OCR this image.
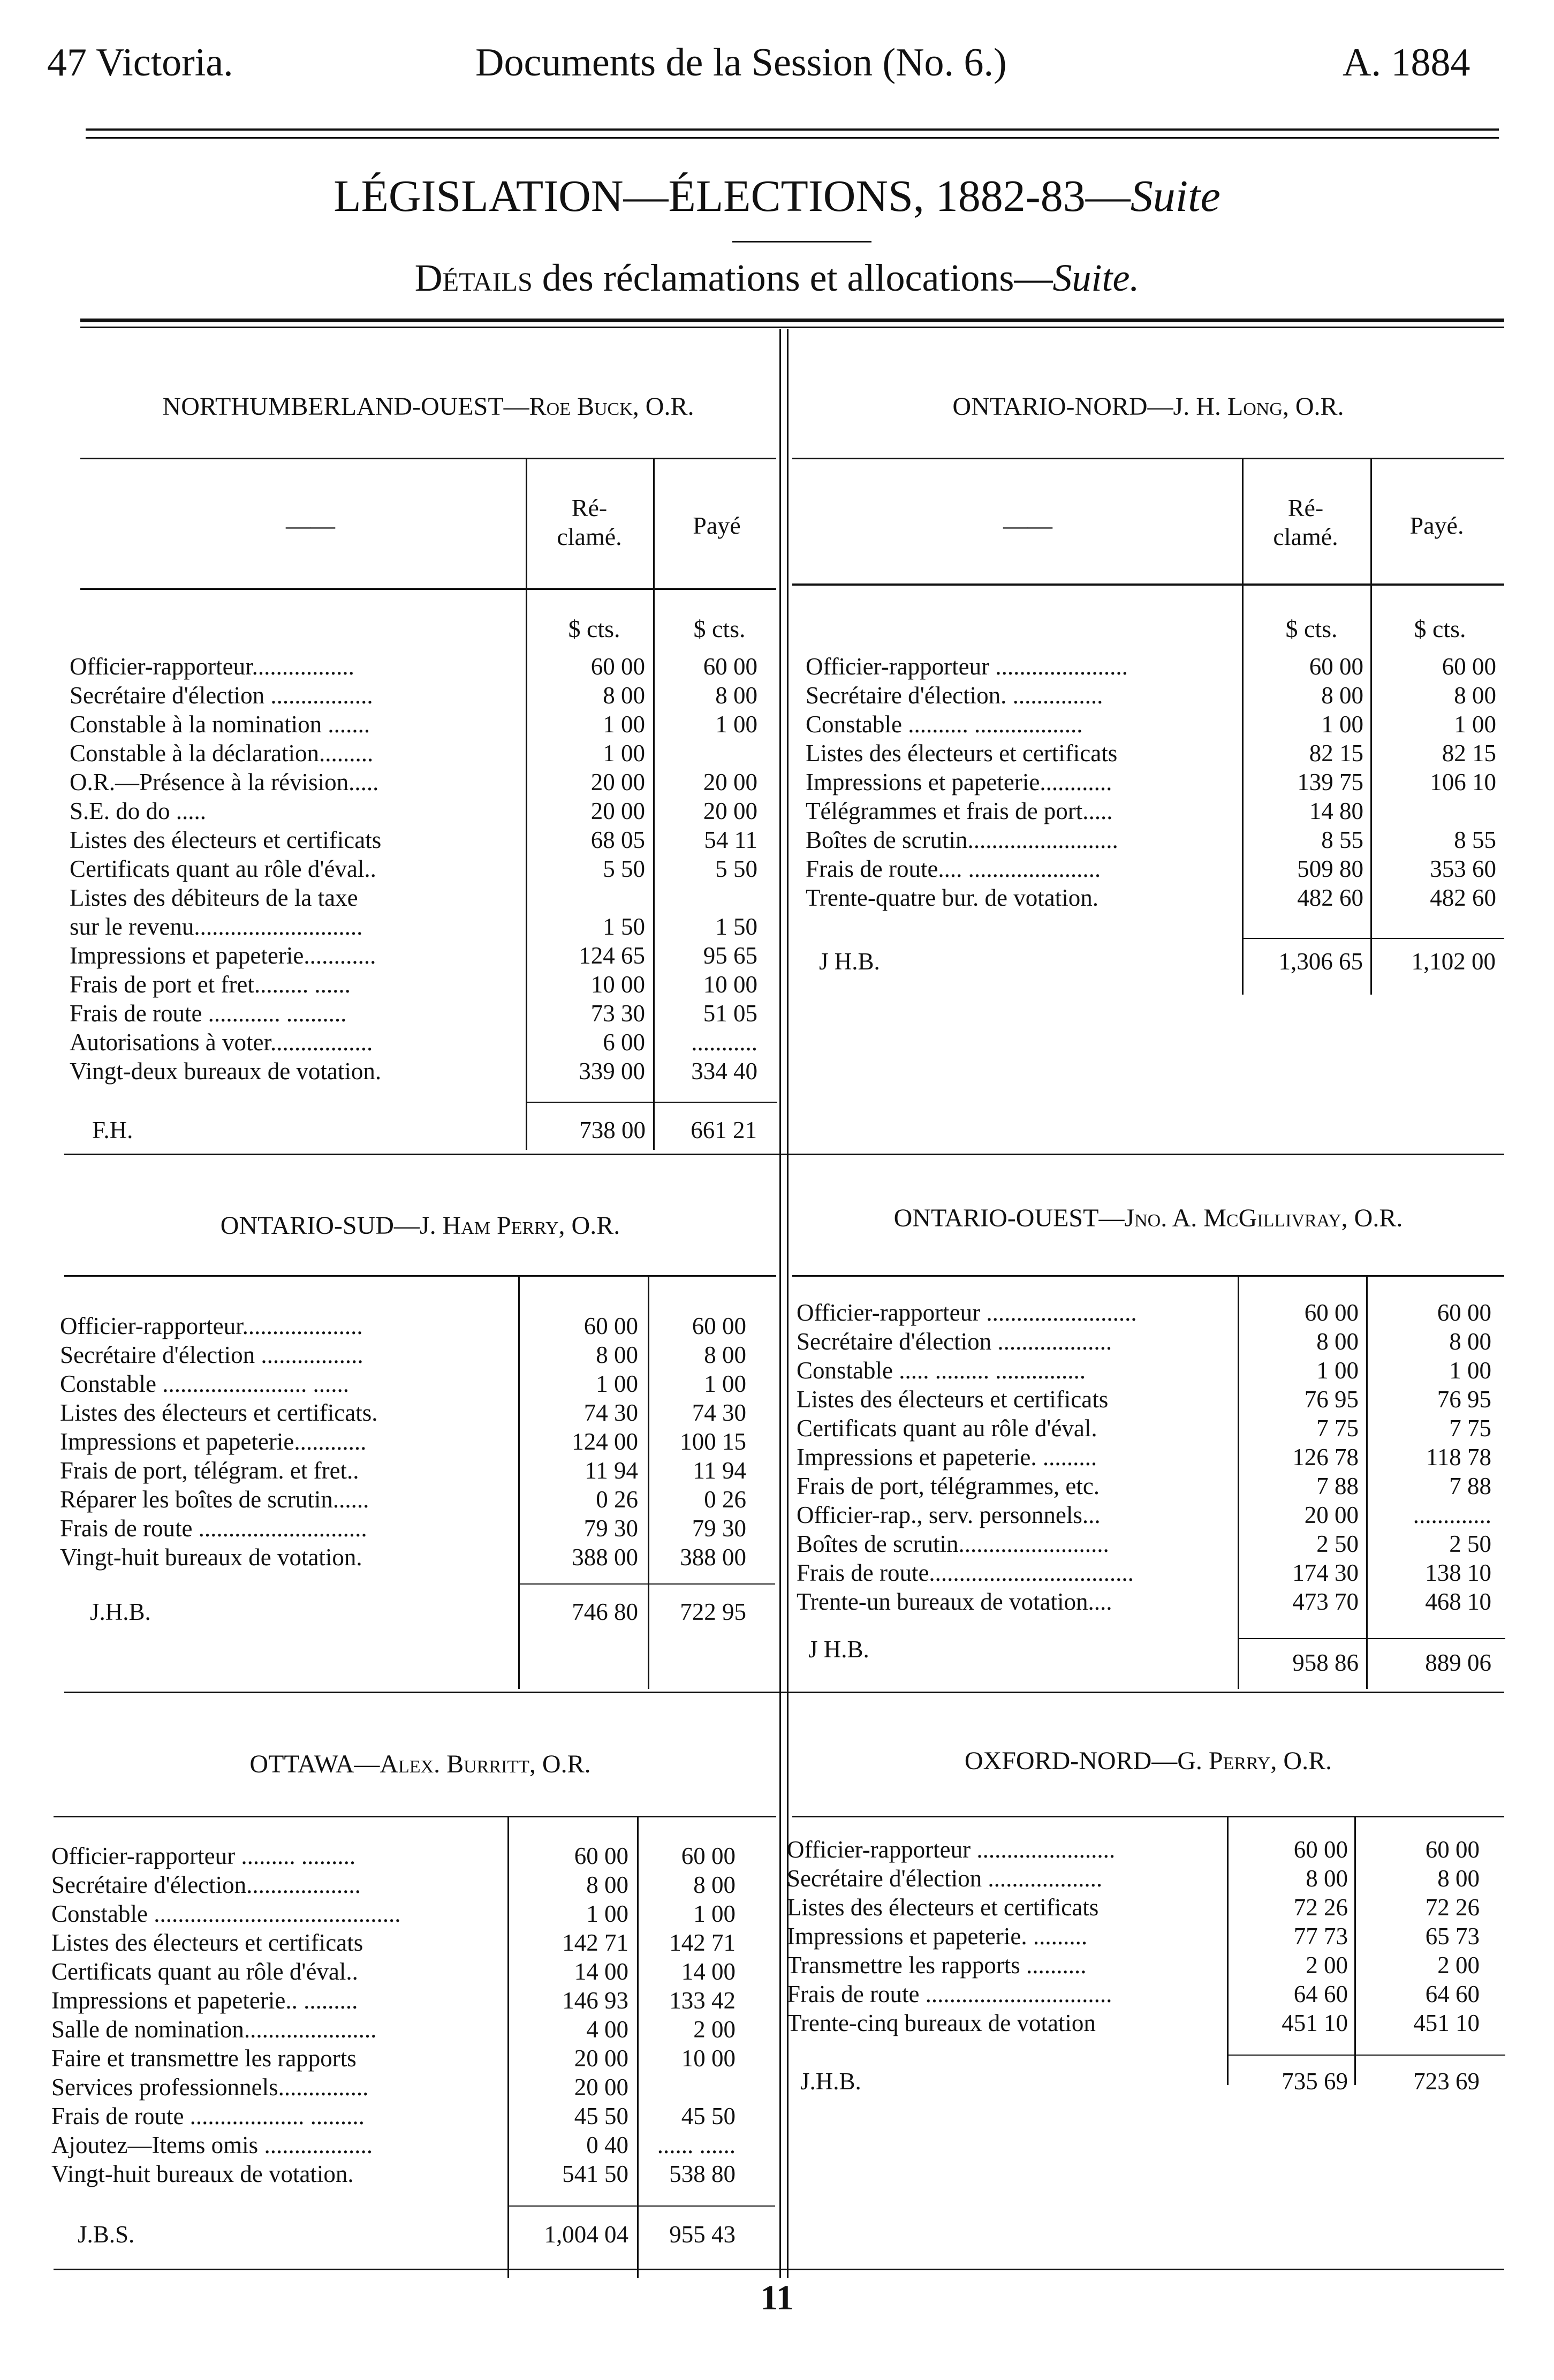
47 Victoria.	Documents de la Session (No. 6.)	A. 1884
LÉGISLATION—ÉLECTIONS, 1882-83—Suite
Détails des réclamations et allocations—Suite.
NORTHUMBERLAND-OUEST—Roe Buck, O.R.
——
Ré-
clamé.	Payé
$ cts.	$ cts.
Officier-rapporteur.................	60 00	60 00
Secrétaire d'élection .................	8 00	8 00
Constable à la nomination .......	1 00	1 00
Constable à la déclaration.........	1 00
O.R.—Présence à la révision.....	20 00	20 00
S.E. do do .....	20 00	20 00
Listes des électeurs et certificats	68 05	54 11
Certificats quant au rôle d'éval..	5 50	5 50
Listes des débiteurs de la taxe
sur le revenu............................	1 50	1 50
Impressions et papeterie............	124 65	95 65
Frais de port et fret......... ......	10 00	10 00
Frais de route ............ ..........	73 30	51 05
Autorisations à voter.................	6 00	...........
Vingt-deux bureaux de votation.	339 00	334 40
F.H.	738 00	661 21
ONTARIO-NORD—J. H. Long, O.R.
——
Ré-
clamé.	Payé.
$ cts.	$ cts.
Officier-rapporteur ......................	60 00	60 00
Secrétaire d'élection. ...............	8 00	8 00
Constable .......... ..................	1 00	1 00
Listes des électeurs et certificats	82 15	82 15
Impressions et papeterie............	139 75	106 10
Télégrammes et frais de port.....	14 80
Boîtes de scrutin.........................	8 55	8 55
Frais de route.... ......................	509 80	353 60
Trente-quatre bur. de votation.	482 60	482 60
J H.B.	1,306 65	1,102 00
ONTARIO-SUD—J. Ham Perry, O.R.
Officier-rapporteur....................	60 00	60 00
Secrétaire d'élection .................	8 00	8 00
Constable ........................ ......	1 00	1 00
Listes des électeurs et certificats.	74 30	74 30
Impressions et papeterie............	124 00	100 15
Frais de port, télégram. et fret..	11 94	11 94
Réparer les boîtes de scrutin......	0 26	0 26
Frais de route ............................	79 30	79 30
Vingt-huit bureaux de votation.	388 00	388 00
J.H.B.	746 80	722 95
ONTARIO-OUEST—Jno. A. McGillivray, O.R.
Officier-rapporteur .........................	60 00	60 00
Secrétaire d'élection ...................	8 00	8 00
Constable ..... ......... ...............	1 00	1 00
Listes des électeurs et certificats	76 95	76 95
Certificats quant au rôle d'éval.	7 75	7 75
Impressions et papeterie. .........	126 78	118 78
Frais de port, télégrammes, etc.	7 88	7 88
Officier-rap., serv. personnels...	20 00	.............
Boîtes de scrutin.........................	2 50	2 50
Frais de route..................................	174 30	138 10
Trente-un bureaux de votation....	473 70	468 10
J H.B.	958 86	889 06
OTTAWA—Alex. Burritt, O.R.
Officier-rapporteur ......... .........	60 00	60 00
Secrétaire d'élection...................	8 00	8 00
Constable .........................................	1 00	1 00
Listes des électeurs et certificats	142 71	142 71
Certificats quant au rôle d'éval..	14 00	14 00
Impressions et papeterie.. .........	146 93	133 42
Salle de nomination......................	4 00	2 00
Faire et transmettre les rapports	20 00	10 00
Services professionnels...............	20 00
Frais de route ................... .........	45 50	45 50
Ajoutez—Items omis ..................	0 40	...... ......
Vingt-huit bureaux de votation.	541 50	538 80
J.B.S.	1,004 04	955 43
OXFORD-NORD—G. Perry, O.R.
Officier-rapporteur .......................	60 00	60 00
Secrétaire d'élection ...................	8 00	8 00
Listes des électeurs et certificats	72 26	72 26
Impressions et papeterie. .........	77 73	65 73
Transmettre les rapports ..........	2 00	2 00
Frais de route ...............................	64 60	64 60
Trente-cinq bureaux de votation	451 10	451 10
J.H.B.	735 69	723 69
11
